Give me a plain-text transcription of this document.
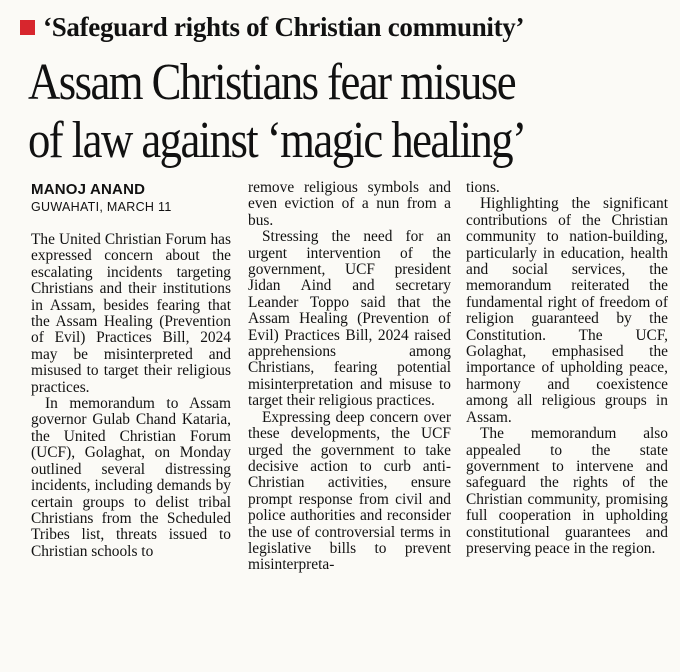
‘Safeguard rights of Christian community’
Assam Christians fear misuse
of law against ‘magic healing’
MANOJ ANAND
GUWAHATI, MARCH 11

The United Christian Forum has expressed concern about the escalating incidents targeting Christians and their institutions in Assam, besides fearing that the Assam Healing (Prevention of Evil) Practices Bill, 2024 may be misinterpreted and misused to target their religious practices.

In memorandum to Assam governor Gulab Chand Kataria, the United Christian Forum (UCF), Golaghat, on Monday outlined several distressing incidents, including demands by certain groups to delist tribal Christians from the Scheduled Tribes list, threats issued to Christian schools to

remove religious symbols and even eviction of a nun from a bus.

Stressing the need for an urgent intervention of the government, UCF president Jidan Aind and secretary Leander Toppo said that the Assam Healing (Prevention of Evil) Practices Bill, 2024 raised apprehensions among Christians, fearing potential misinterpretation and misuse to target their religious practices.

Expressing deep concern over these developments, the UCF urged the government to take decisive action to curb anti-Christian activities, ensure prompt response from civil and police authorities and reconsider the use of controversial terms in legislative bills to prevent misinterpreta-

tions.

Highlighting the significant contributions of the Christian community to nation-building, particularly in education, health and social services, the memorandum reiterated the fundamental right of freedom of religion guaranteed by the Constitution. The UCF, Golaghat, emphasised the importance of upholding peace, harmony and coexistence among all religious groups in Assam.

The memorandum also appealed to the state government to intervene and safeguard the rights of the Christian community, promising full cooperation in upholding constitutional guarantees and preserving peace in the region.
